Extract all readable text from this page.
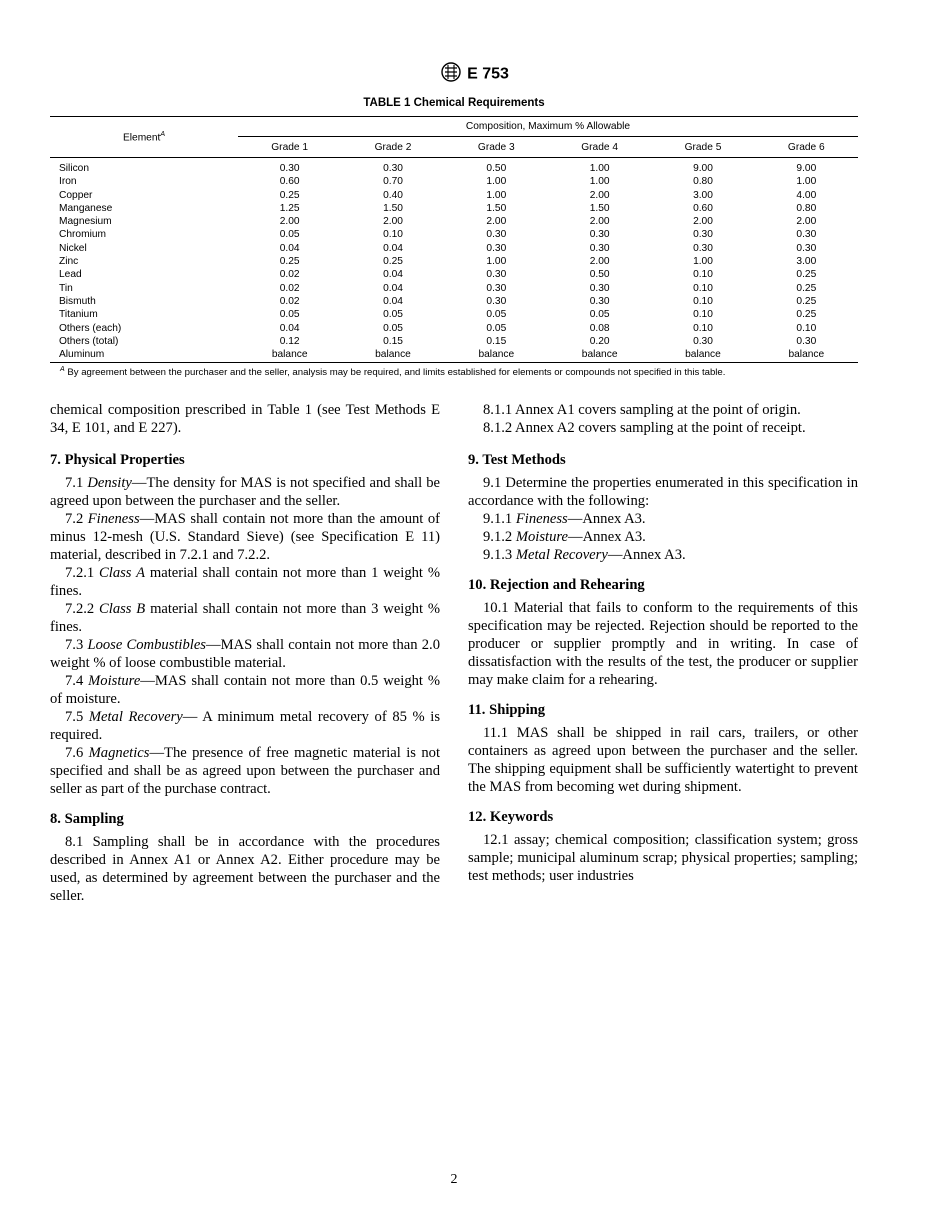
E 753
TABLE 1 Chemical Requirements
Element$^A$	Composition, Maximum % Allowable					
	Grade 1	Grade 2	Grade 3	Grade 4	Grade 5	Grade 6
Silicon	0.30	0.30	0.50	1.00	9.00	9.00
Iron	0.60	0.70	1.00	1.00	0.80	1.00
Copper	0.25	0.40	1.00	2.00	3.00	4.00
Manganese	1.25	1.50	1.50	1.50	0.60	0.80
Magnesium	2.00	2.00	2.00	2.00	2.00	2.00
Chromium	0.05	0.10	0.30	0.30	0.30	0.30
Nickel	0.04	0.04	0.30	0.30	0.30	0.30
Zinc	0.25	0.25	1.00	2.00	1.00	3.00
Lead	0.02	0.04	0.30	0.50	0.10	0.25
Tin	0.02	0.04	0.30	0.30	0.10	0.25
Bismuth	0.02	0.04	0.30	0.30	0.10	0.25
Titanium	0.05	0.05	0.05	0.05	0.10	0.25
Others (each)	0.04	0.05	0.05	0.08	0.10	0.10
Others (total)	0.12	0.15	0.15	0.20	0.30	0.30
Aluminum	balance	balance	balance	balance	balance	balance
$^A$ By agreement between the purchaser and the seller, analysis may be required, and limits established for elements or compounds not specified in this table.

chemical composition prescribed in Table 1 (see Test Methods E 34, E 101, and E 227).

7. Physical Properties

7.1 Density—The density for MAS is not specified and shall be agreed upon between the purchaser and the seller.

7.2 Fineness—MAS shall contain not more than the amount of minus 12-mesh (U.S. Standard Sieve) (see Specification E 11) material, described in 7.2.1 and 7.2.2.

7.2.1 Class A material shall contain not more than 1 weight % fines.

7.2.2 Class B material shall contain not more than 3 weight % fines.

7.3 Loose Combustibles—MAS shall contain not more than 2.0 weight % of loose combustible material.

7.4 Moisture—MAS shall contain not more than 0.5 weight % of moisture.

7.5 Metal Recovery— A minimum metal recovery of 85 % is required.

7.6 Magnetics—The presence of free magnetic material is not specified and shall be as agreed upon between the purchaser and seller as part of the purchase contract.

8. Sampling

8.1 Sampling shall be in accordance with the procedures described in Annex A1 or Annex A2. Either procedure may be used, as determined by agreement between the purchaser and the seller.

8.1.1 Annex A1 covers sampling at the point of origin.

8.1.2 Annex A2 covers sampling at the point of receipt.

9. Test Methods

9.1 Determine the properties enumerated in this specification in accordance with the following:

9.1.1 Fineness—Annex A3.

9.1.2 Moisture—Annex A3.

9.1.3 Metal Recovery—Annex A3.

10. Rejection and Rehearing

10.1 Material that fails to conform to the requirements of this specification may be rejected. Rejection should be reported to the producer or supplier promptly and in writing. In case of dissatisfaction with the results of the test, the producer or supplier may make claim for a rehearing.

11. Shipping

11.1 MAS shall be shipped in rail cars, trailers, or other containers as agreed upon between the purchaser and the seller. The shipping equipment shall be sufficiently watertight to prevent the MAS from becoming wet during shipment.

12. Keywords

12.1 assay; chemical composition; classification system; gross sample; municipal aluminum scrap; physical properties; sampling; test methods; user industries

2
